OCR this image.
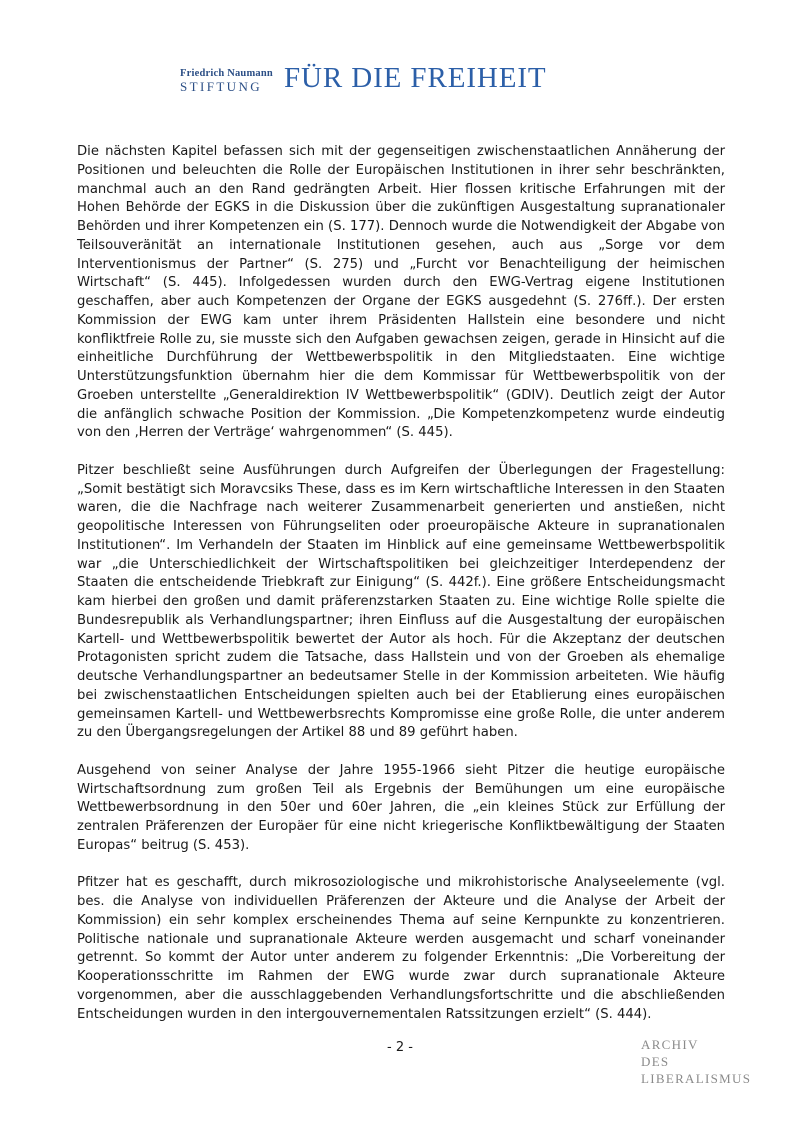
Friedrich Naumann
STIFTUNG FÜR DIE FREIHEIT

Die nächsten Kapitel befassen sich mit der gegenseitigen zwischenstaatlichen Annäherung der Positionen und beleuchten die Rolle der Europäischen Institutionen in ihrer sehr beschränkten, manchmal auch an den Rand gedrängten Arbeit. Hier flossen kritische Erfahrungen mit der Hohen Behörde der EGKS in die Diskussion über die zukünftigen Ausgestaltung supranationaler Behörden und ihrer Kompetenzen ein (S. 177). Dennoch wurde die Notwendigkeit der Abgabe von Teilsouveränität an internationale Institutionen gesehen, auch aus „Sorge vor dem Interventionismus der Partner“ (S. 275) und „Furcht vor Benachteiligung der heimischen Wirtschaft“ (S. 445). Infolgedessen wurden durch den EWG-Vertrag eigene Institutionen geschaffen, aber auch Kompetenzen der Organe der EGKS ausgedehnt (S. 276ff.). Der ersten Kommission der EWG kam unter ihrem Präsidenten Hallstein eine besondere und nicht konfliktfreie Rolle zu, sie musste sich den Aufgaben gewachsen zeigen, gerade in Hinsicht auf die einheitliche Durchführung der Wettbewerbspolitik in den Mitgliedstaaten. Eine wichtige Unterstützungsfunktion übernahm hier die dem Kommissar für Wettbewerbspolitik von der Groeben unterstellte „Generaldirektion IV Wettbewerbspolitik“ (GDIV). Deutlich zeigt der Autor die anfänglich schwache Position der Kommission. „Die Kompetenzkompetenz wurde eindeutig von den ‚Herren der Verträge‘ wahrgenommen“ (S. 445).

Pitzer beschließt seine Ausführungen durch Aufgreifen der Überlegungen der Fragestellung: „Somit bestätigt sich Moravcsiks These, dass es im Kern wirtschaftliche Interessen in den Staaten waren, die die Nachfrage nach weiterer Zusammenarbeit generierten und anstießen, nicht geopolitische Interessen von Führungseliten oder proeuropäische Akteure in supranationalen Institutionen“. Im Verhandeln der Staaten im Hinblick auf eine gemeinsame Wettbewerbspolitik war „die Unterschiedlichkeit der Wirtschaftspolitiken bei gleichzeitiger Interdependenz der Staaten die entscheidende Triebkraft zur Einigung“ (S. 442f.). Eine größere Entscheidungsmacht kam hierbei den großen und damit präferenzstarken Staaten zu. Eine wichtige Rolle spielte die Bundesrepublik als Verhandlungspartner; ihren Einfluss auf die Ausgestaltung der europäischen Kartell- und Wettbewerbspolitik bewertet der Autor als hoch. Für die Akzeptanz der deutschen Protagonisten spricht zudem die Tatsache, dass Hallstein und von der Groeben als ehemalige deutsche Verhandlungspartner an bedeutsamer Stelle in der Kommission arbeiteten. Wie häufig bei zwischenstaatlichen Entscheidungen spielten auch bei der Etablierung eines europäischen gemeinsamen Kartell- und Wettbewerbsrechts Kompromisse eine große Rolle, die unter anderem zu den Übergangsregelungen der Artikel 88 und 89 geführt haben.

Ausgehend von seiner Analyse der Jahre 1955-1966 sieht Pitzer die heutige europäische Wirtschaftsordnung zum großen Teil als Ergebnis der Bemühungen um eine europäische Wettbewerbsordnung in den 50er und 60er Jahren, die „ein kleines Stück zur Erfüllung der zentralen Präferenzen der Europäer für eine nicht kriegerische Konfliktbewältigung der Staaten Europas“ beitrug (S. 453).

Pfitzer hat es geschafft, durch mikrosoziologische und mikrohistorische Analyseelemente (vgl. bes. die Analyse von individuellen Präferenzen der Akteure und die Analyse der Arbeit der Kommission) ein sehr komplex erscheinendes Thema auf seine Kernpunkte zu konzentrieren. Politische nationale und supranationale Akteure werden ausgemacht und scharf voneinander getrennt. So kommt der Autor unter anderem zu folgender Erkenntnis: „Die Vorbereitung der Kooperationsschritte im Rahmen der EWG wurde zwar durch supranationale Akteure vorgenommen, aber die ausschlaggebenden Verhandlungsfortschritte und die abschließenden Entscheidungen wurden in den intergouvernementalen Ratssitzungen erzielt“ (S. 444).

- 2 -	ARCHIV
DES
LIBERALISMUS
